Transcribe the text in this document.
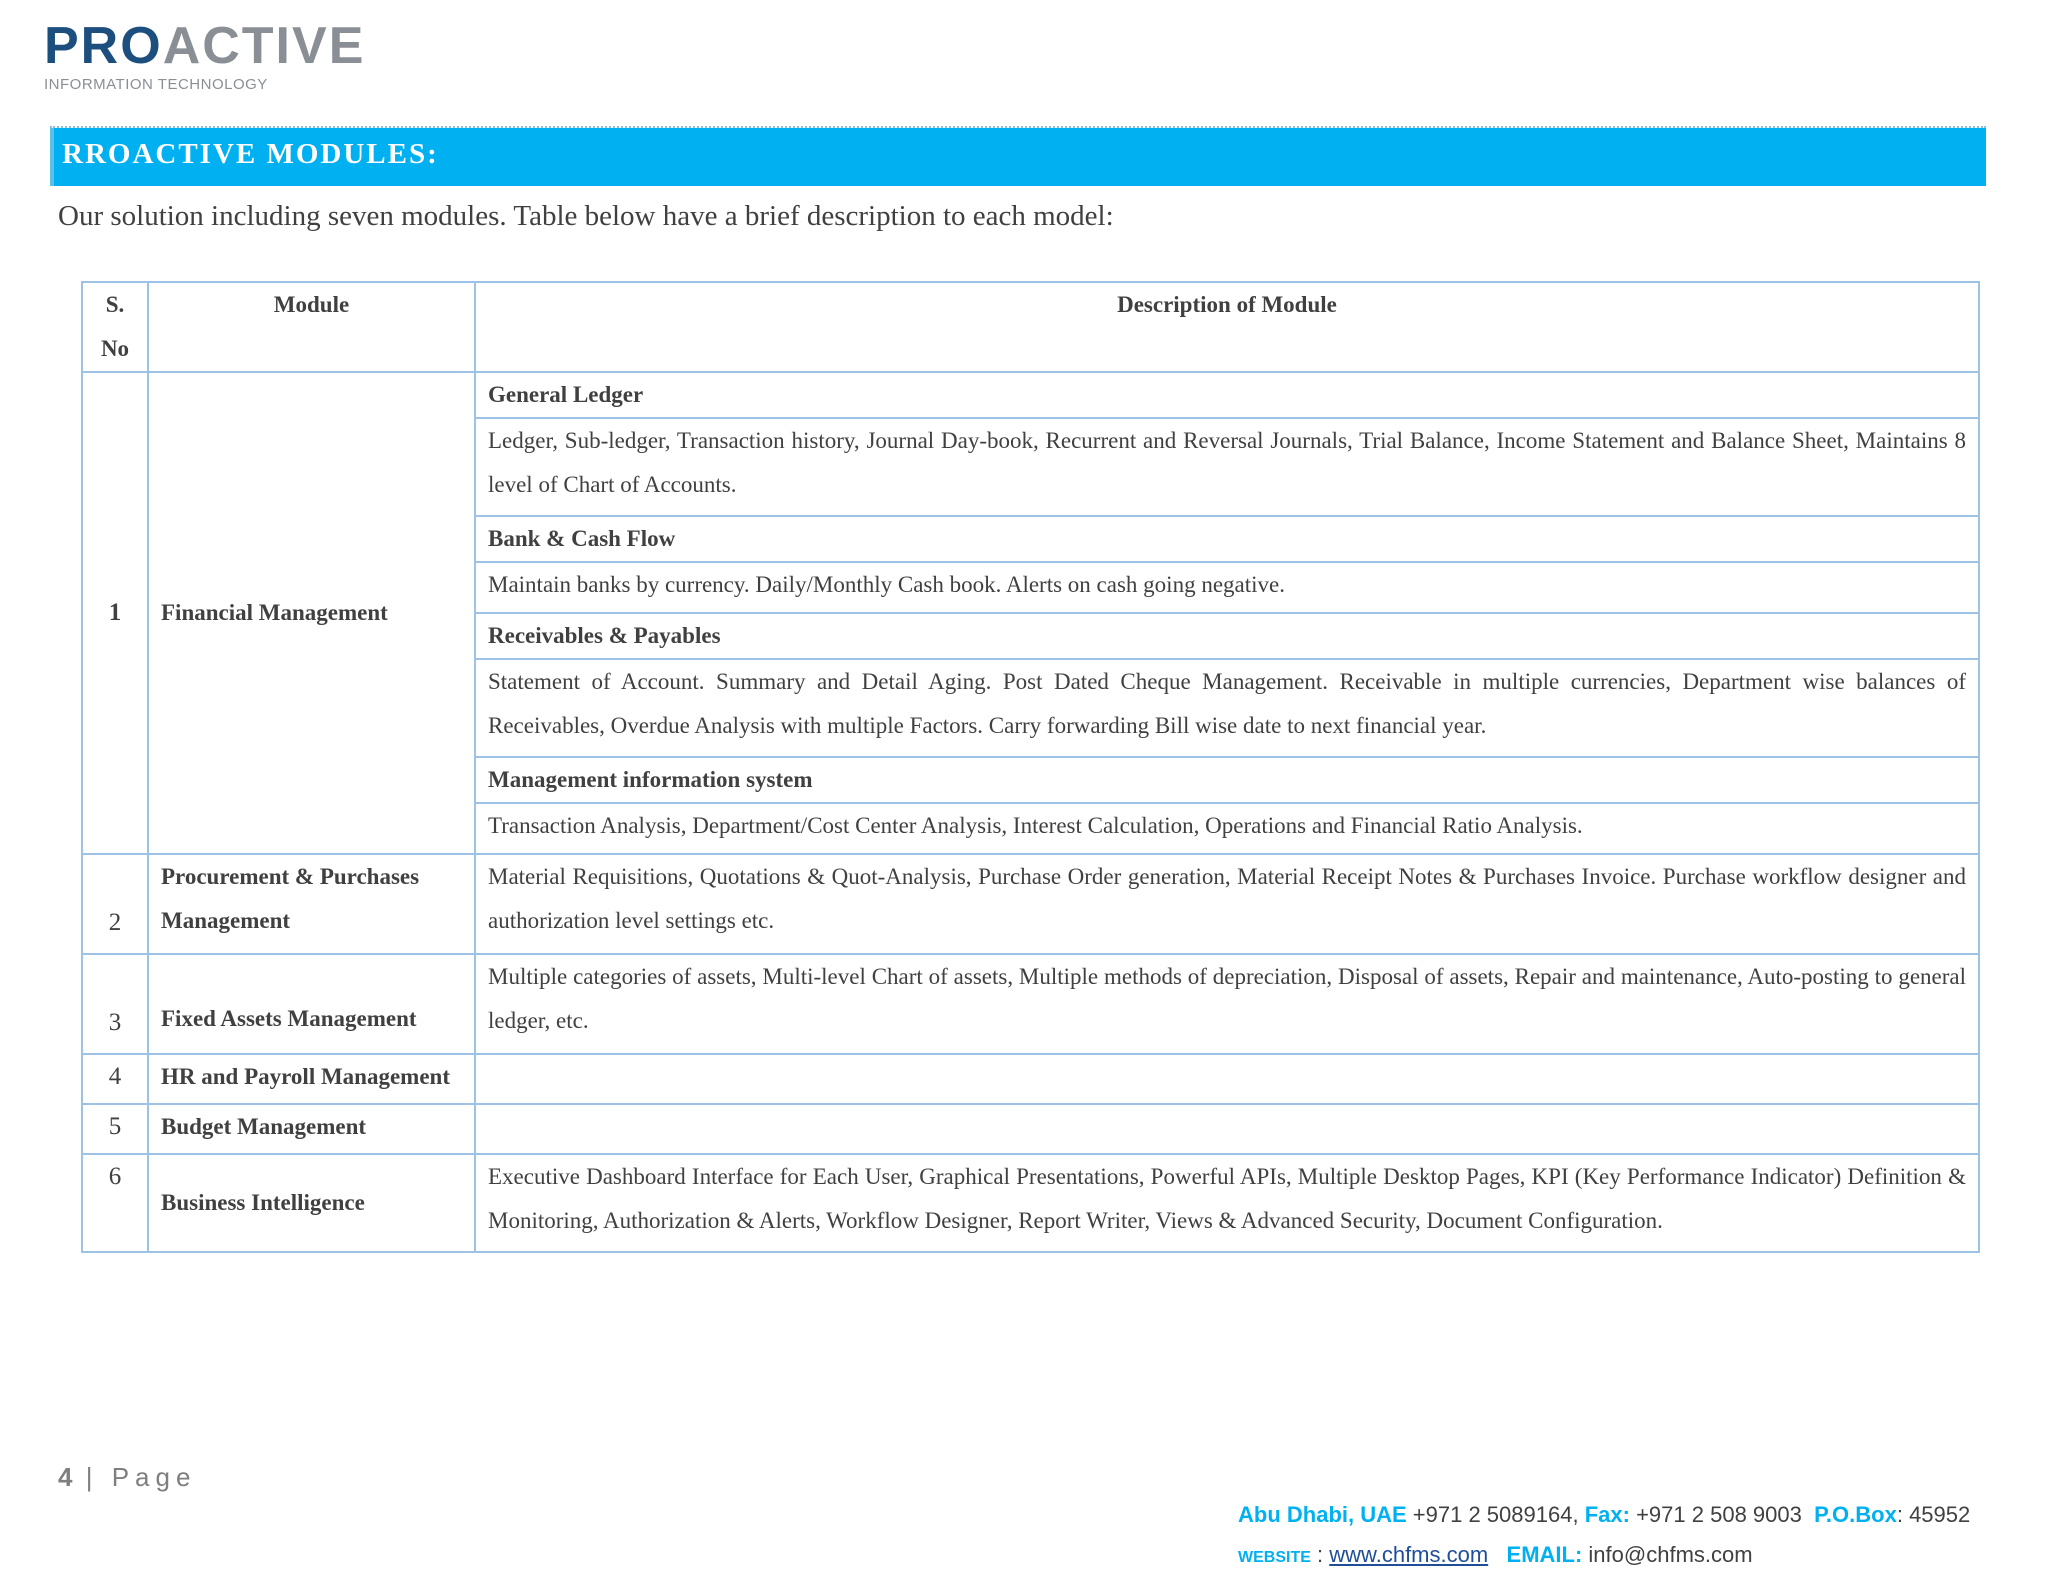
PROACTIVE
INFORMATION TECHNOLOGY
RROACTIVE MODULES:
Our solution including seven modules. Table below have a brief description to each model:
S. No	Module	Description of Module
1	Financial Management	General Ledger
		Ledger, Sub-ledger, Transaction history, Journal Day-book, Recurrent and Reversal Journals, Trial Balance, Income Statement and Balance Sheet, Maintains 8 level of Chart of Accounts.
		Bank & Cash Flow
		Maintain banks by currency. Daily/Monthly Cash book. Alerts on cash going negative.
		Receivables & Payables
		Statement of Account. Summary and Detail Aging. Post Dated Cheque Management. Receivable in multiple currencies, Department wise balances of Receivables, Overdue Analysis with multiple Factors. Carry forwarding Bill wise date to next financial year.
		Management information system
		Transaction Analysis, Department/Cost Center Analysis, Interest Calculation, Operations and Financial Ratio Analysis.
2	Procurement & Purchases Management	Material Requisitions, Quotations & Quot-Analysis, Purchase Order generation, Material Receipt Notes & Purchases Invoice. Purchase workflow designer and authorization level settings etc.
3	Fixed Assets Management	Multiple categories of assets, Multi-level Chart of assets, Multiple methods of depreciation, Disposal of assets, Repair and maintenance, Auto-posting to general ledger, etc.
4	HR and Payroll Management	
5	Budget Management	
6	Business Intelligence	Executive Dashboard Interface for Each User, Graphical Presentations, Powerful APIs, Multiple Desktop Pages, KPI (Key Performance Indicator) Definition & Monitoring, Authorization & Alerts, Workflow Designer, Report Writer, Views & Advanced Security, Document Configuration.
4 | Page
Abu Dhabi, UAE +971 2 5089164, Fax: +971 2 508 9003 P.O.Box: 45952
WEBSITE : www.chfms.com EMAIL: info@chfms.com
